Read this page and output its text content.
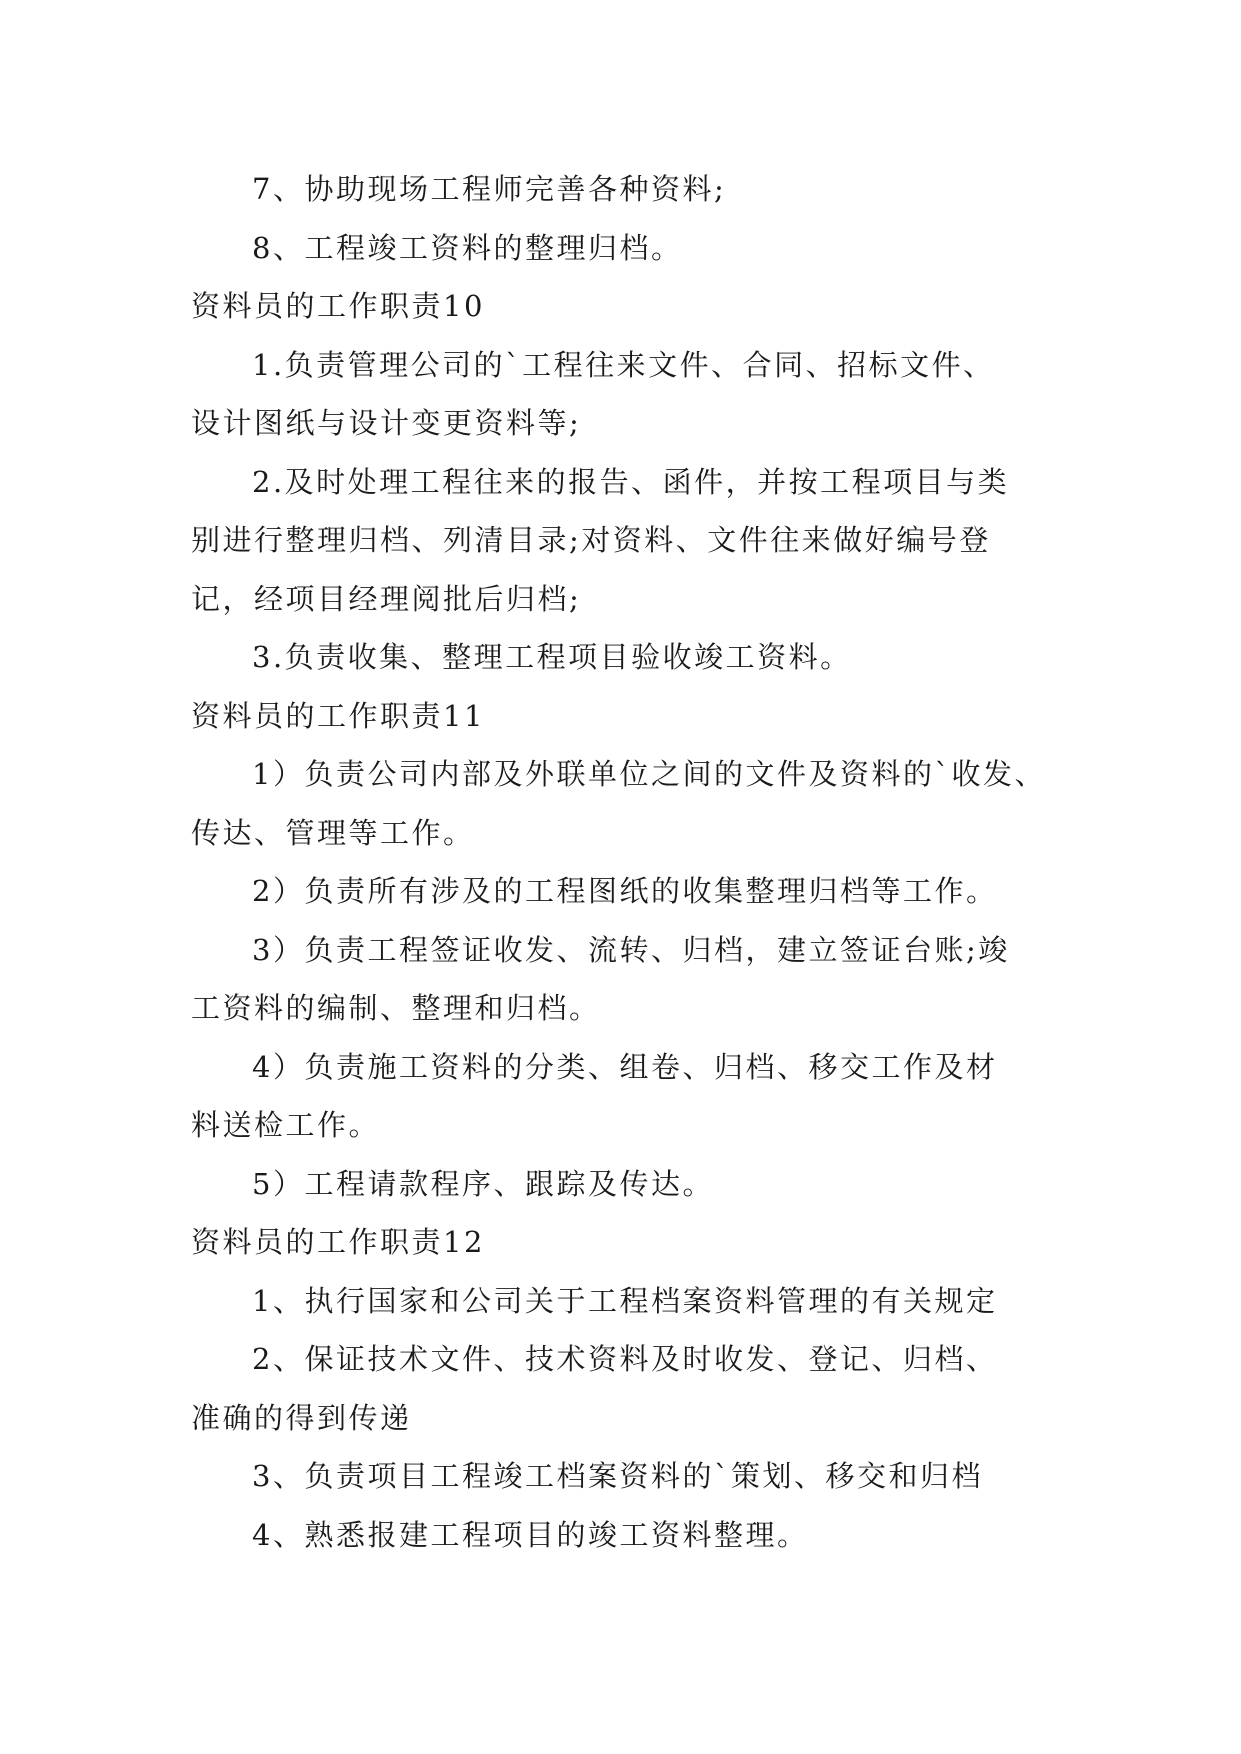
7、协助现场工程师完善各种资料;

8、工程竣工资料的整理归档。

资料员的工作职责10

1.负责管理公司的`工程往来文件、合同、招标文件、

设计图纸与设计变更资料等;

2.及时处理工程往来的报告、函件，并按工程项目与类

别进行整理归档、列清目录;对资料、文件往来做好编号登

记，经项目经理阅批后归档;

3.负责收集、整理工程项目验收竣工资料。

资料员的工作职责11

1）负责公司内部及外联单位之间的文件及资料的`收发、

传达、管理等工作。

2）负责所有涉及的工程图纸的收集整理归档等工作。

3）负责工程签证收发、流转、归档，建立签证台账;竣

工资料的编制、整理和归档。

4）负责施工资料的分类、组卷、归档、移交工作及材

料送检工作。

5）工程请款程序、跟踪及传达。

资料员的工作职责12

1、执行国家和公司关于工程档案资料管理的有关规定

2、保证技术文件、技术资料及时收发、登记、归档、

准确的得到传递

3、负责项目工程竣工档案资料的`策划、移交和归档

4、熟悉报建工程项目的竣工资料整理。
